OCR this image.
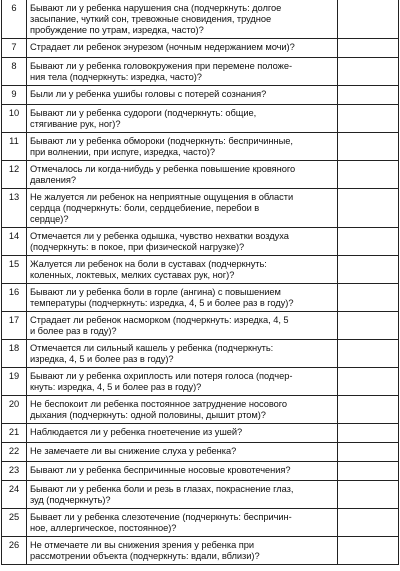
6	Бывают ли у ребенка нарушения сна (подчеркнуть: долгое
засыпание, чуткий сон, тревожные сновидения, трудное
пробуждение по утрам, изредка, часто)?	
7	Страдает ли ребенок энурезом (ночным недержанием мочи)?	
8	Бывают ли у ребенка головокружения при перемене положе-
ния тела (подчеркнуть: изредка, часто)?	
9	Были ли у ребенка ушибы головы с потерей сознания?	
10	Бывают ли у ребенка судороги (подчеркнуть: общие,
стягивание рук, ног)?	
11	Бывают ли у ребенка обмороки (подчеркнуть: беспричинные,
при волнении, при испуге, изредка, часто)?	
12	Отмечалось ли когда-нибудь у ребенка повышение кровяного
давления?	
13	Не жалуется ли ребенок на неприятные ощущения в области
сердца (подчеркнуть: боли, сердцебиение, перебои в
сердце)?	
14	Отмечается ли у ребенка одышка, чувство нехватки воздуха
(подчеркнуть: в покое, при физической нагрузке)?	
15	Жалуется ли ребенок на боли в суставах (подчеркнуть:
коленных, локтевых, мелких суставах рук, ног)?	
16	Бывают ли у ребенка боли в горле (ангина) с повышением
температуры (подчеркнуть: изредка, 4, 5 и более раз в году)?	
17	Страдает ли ребенок насморком (подчеркнуть: изредка, 4, 5
и более раз в году)?	
18	Отмечается ли сильный кашель у ребенка (подчеркнуть:
изредка, 4, 5 и более раз в году)?	
19	Бывают ли у ребенка охриплость или потеря голоса (подчер-
кнуть: изредка, 4, 5 и более раз в году)?	
20	Не беспокоит ли ребенка постоянное затруднение носового
дыхания (подчеркнуть: одной половины, дышит ртом)?	
21	Наблюдается ли у ребенка гноетечение из ушей?	
22	Не замечаете ли вы снижение слуха у ребенка?	
23	Бывают ли у ребенка беспричинные носовые кровотечения?	
24	Бывают ли у ребенка боли и резь в глазах, покраснение глаз,
зуд (подчеркнуть)?	
25	Бывает ли у ребенка слезотечение (подчеркнуть: беспричин-
ное, аллергическое, постоянное)?	
26	Не отмечаете ли вы снижения зрения у ребенка при
рассмотрении объекта (подчеркнуть: вдали, вблизи)?	
